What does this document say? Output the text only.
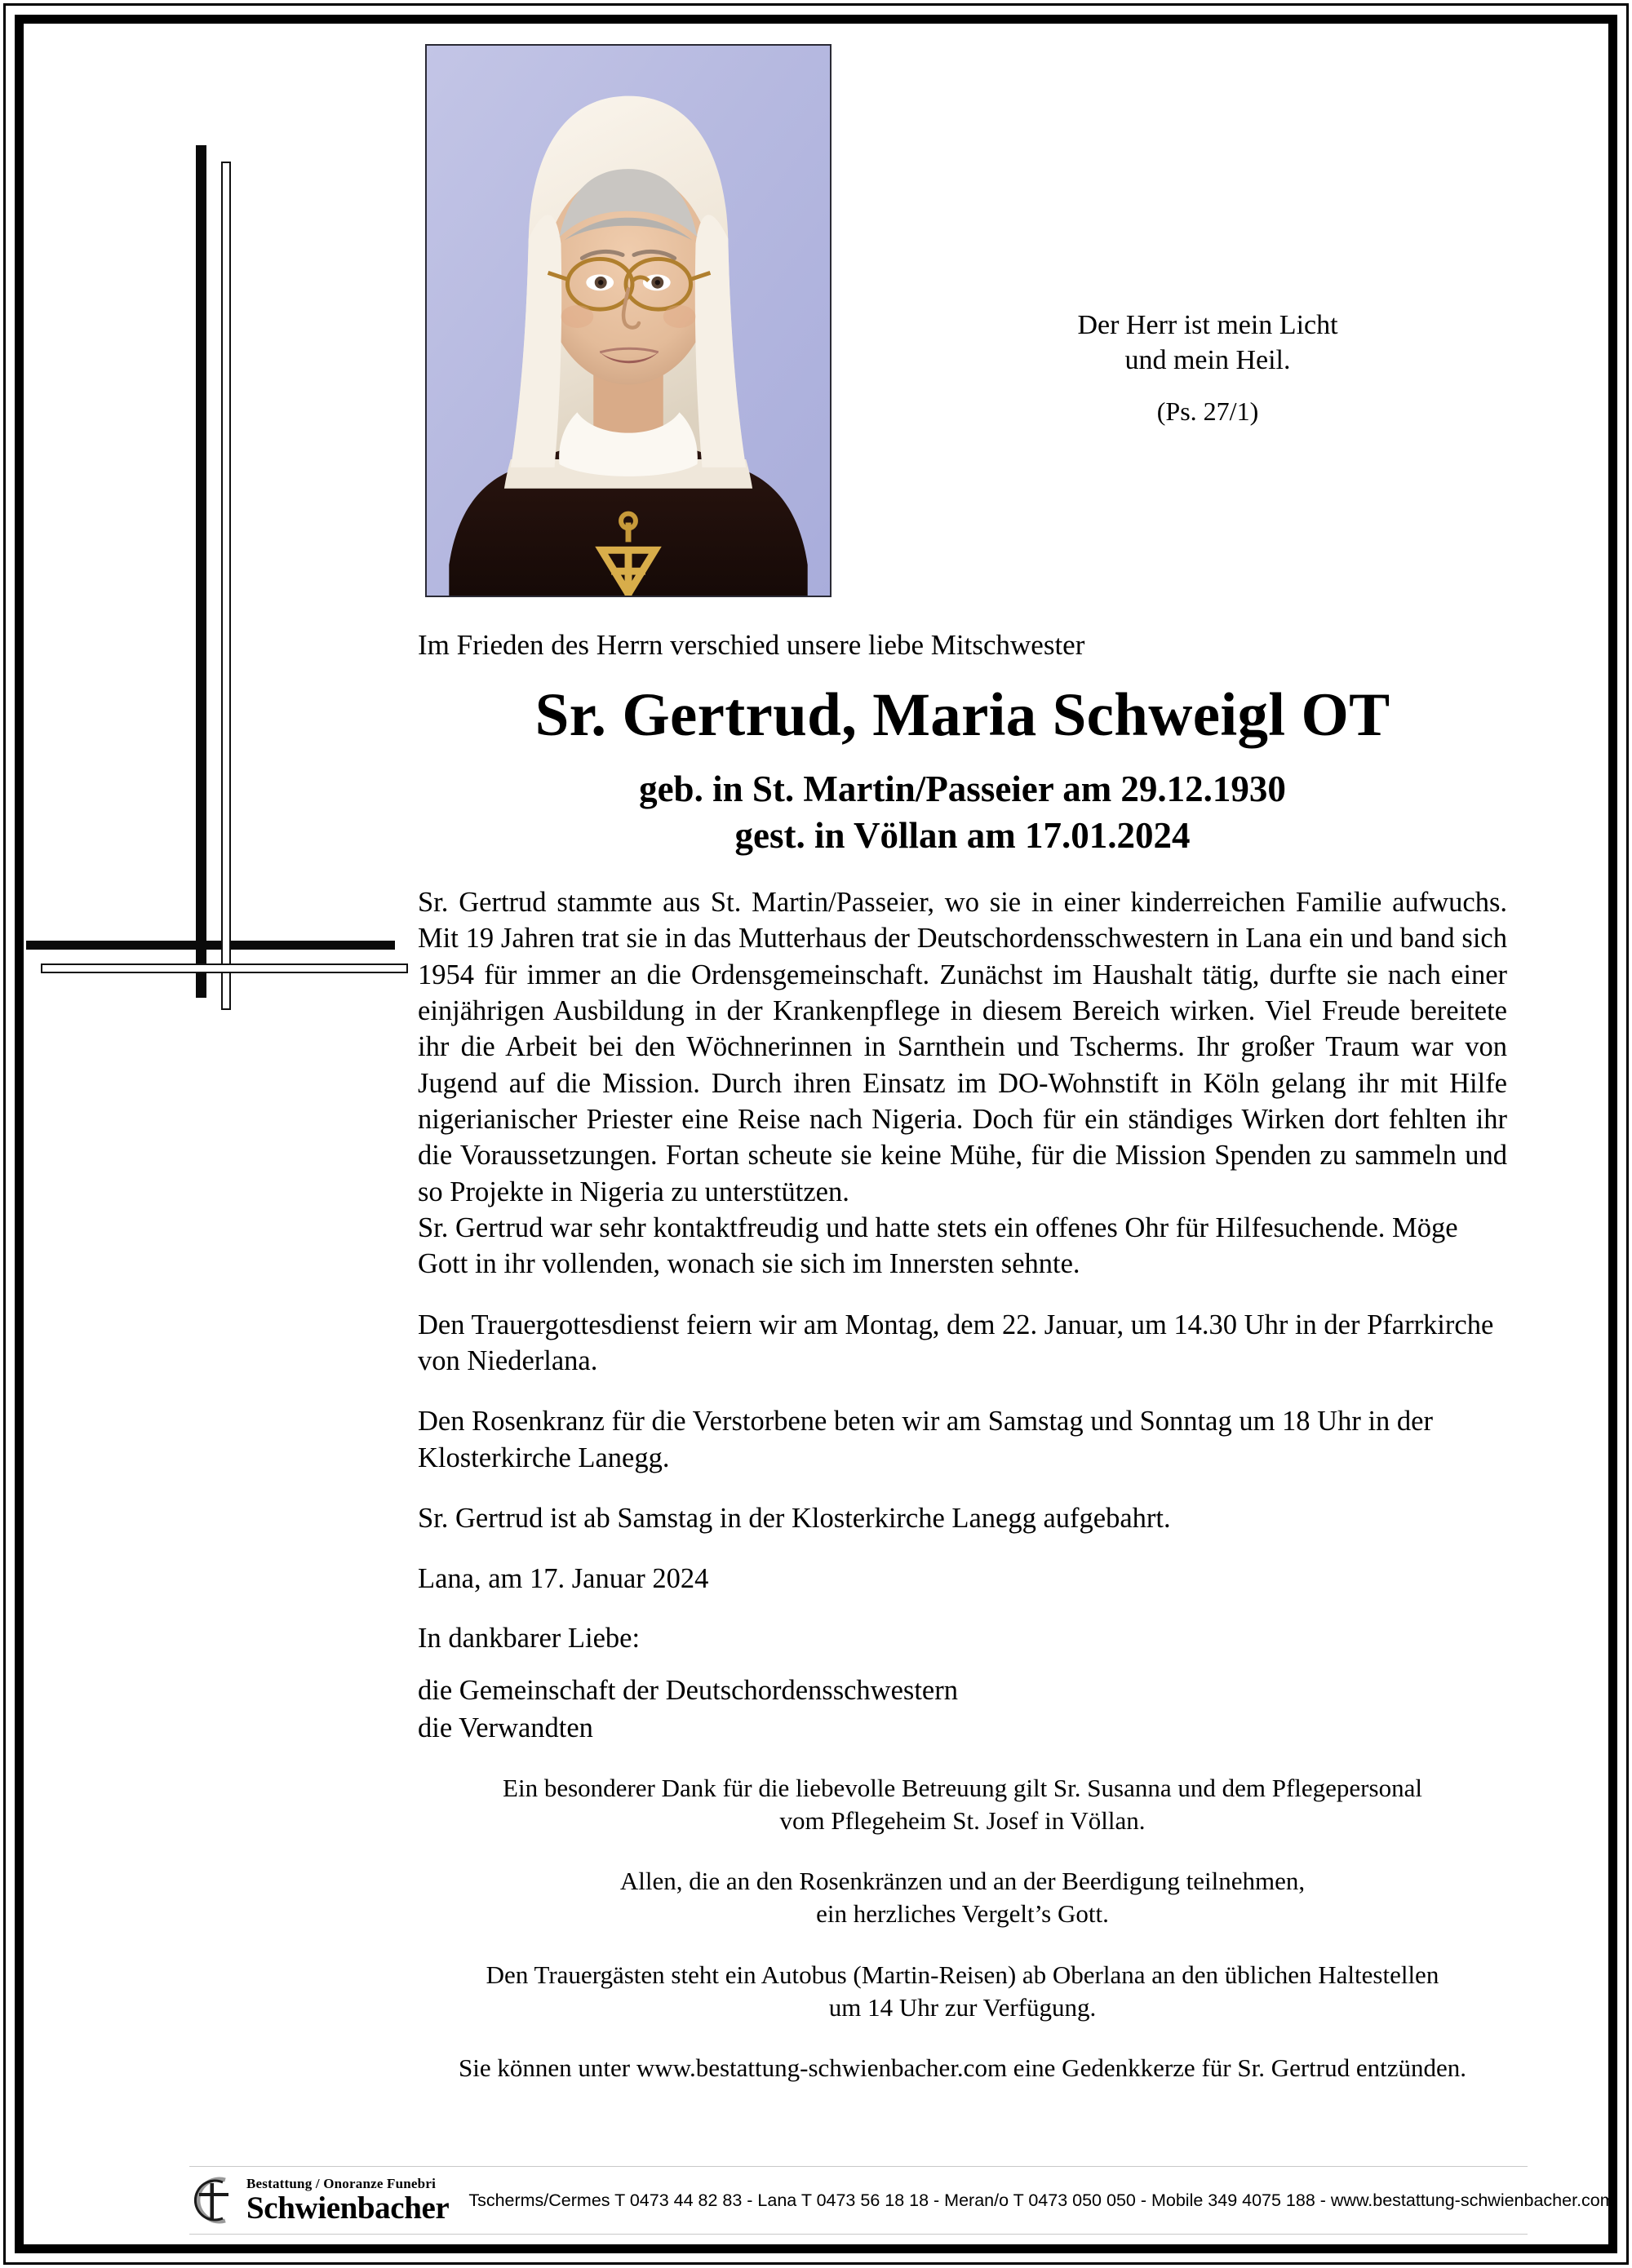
Der Herr ist mein Licht
und mein Heil.
(Ps. 27/1)

Im Frieden des Herrn verschied unsere liebe Mitschwester

Sr. Gertrud, Maria Schweigl OT
geb. in St. Martin/Passeier am 29.12.1930
gest. in Völlan am 17.01.2024

Sr. Gertrud stammte aus St. Martin/Passeier, wo sie in einer kinderreichen Familie aufwuchs. Mit 19 Jahren trat sie in das Mutterhaus der Deutschordensschwestern in Lana ein und band sich 1954 für immer an die Ordensgemeinschaft. Zunächst im Haushalt tätig, durfte sie nach einer einjährigen Ausbildung in der Krankenpflege in diesem Bereich wirken. Viel Freude bereitete ihr die Arbeit bei den Wöchnerinnen in Sarnthein und Tscherms. Ihr großer Traum war von Jugend auf die Mission. Durch ihren Einsatz im DO-Wohnstift in Köln gelang ihr mit Hilfe nigerianischer Priester eine Reise nach Nigeria. Doch für ein ständiges Wirken dort fehlten ihr die Voraussetzungen. Fortan scheute sie keine Mühe, für die Mission Spenden zu sammeln und so Projekte in Nigeria zu unterstützen.

Sr. Gertrud war sehr kontaktfreudig und hatte stets ein offenes Ohr für Hilfesuchende. Möge Gott in ihr vollenden, wonach sie sich im Innersten sehnte.

Den Trauergottesdienst feiern wir am Montag, dem 22. Januar, um 14.30 Uhr in der Pfarrkirche von Niederlana.

Den Rosenkranz für die Verstorbene beten wir am Samstag und Sonntag um 18 Uhr in der Klosterkirche Lanegg.

Sr. Gertrud ist ab Samstag in der Klosterkirche Lanegg aufgebahrt.

Lana, am 17. Januar 2024

In dankbarer Liebe:

die Gemeinschaft der Deutschordensschwestern
die Verwandten
Ein besonderer Dank für die liebevolle Betreuung gilt Sr. Susanna und dem Pflegepersonal
vom Pflegeheim St. Josef in Völlan.
Allen, die an den Rosenkränzen und an der Beerdigung teilnehmen,
ein herzliches Vergelt’s Gott.
Den Trauergästen steht ein Autobus (Martin-Reisen) ab Oberlana an den üblichen Haltestellen
um 14 Uhr zur Verfügung.
Sie können unter www.bestattung-schwienbacher.com eine Gedenkkerze für Sr. Gertrud entzünden.
Bestattung / Onoranze Funebri
Schwienbacher Tscherms/Cermes T 0473 44 82 83 - Lana T 0473 56 18 18 - Meran/o T 0473 050 050 - Mobile 349 4075 188 - www.bestattung-schwienbacher.com
